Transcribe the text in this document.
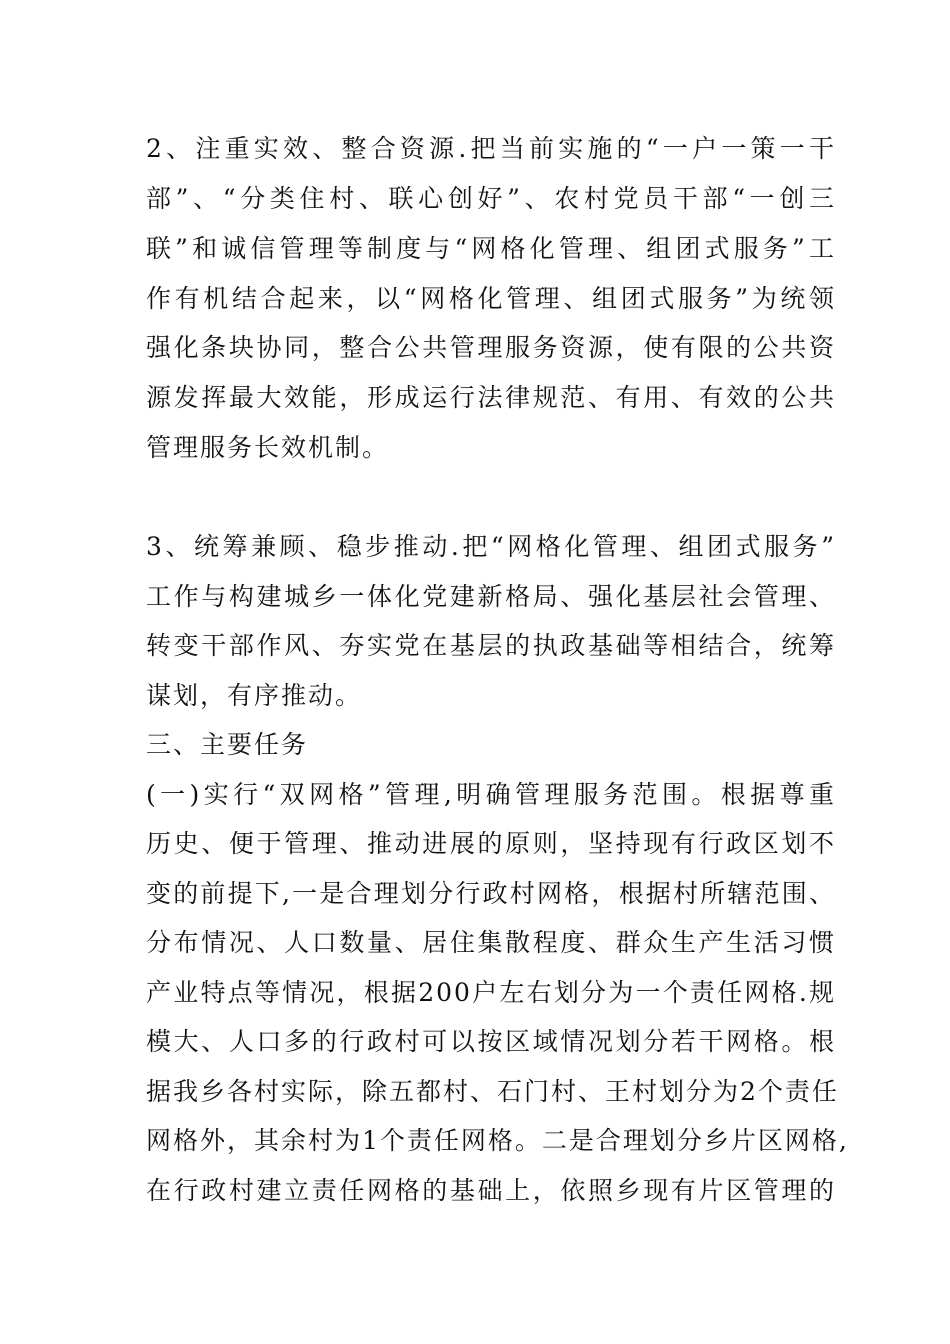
2、注重实效、整合资源.把当前实施的“一户一策一干
部”、“分类住村、联心创好”、农村党员干部“一创三
联”和诚信管理等制度与“网格化管理、组团式服务”工
作有机结合起来，以“网格化管理、组团式服务”为统领
强化条块协同，整合公共管理服务资源，使有限的公共资
源发挥最大效能，形成运行法律规范、有用、有效的公共
管理服务长效机制。
3、统筹兼顾、稳步推动.把“网格化管理、组团式服务”
工作与构建城乡一体化党建新格局、强化基层社会管理、
转变干部作风、夯实党在基层的执政基础等相结合，统筹
谋划，有序推动。
三、主要任务
(一)实行“双网格”管理,明确管理服务范围。根据尊重
历史、便于管理、推动进展的原则，坚持现有行政区划不
变的前提下,一是合理划分行政村网格，根据村所辖范围、
分布情况、人口数量、居住集散程度、群众生产生活习惯
产业特点等情况，根据200户左右划分为一个责任网格.规
模大、人口多的行政村可以按区域情况划分若干网格。根
据我乡各村实际，除五都村、石门村、王村划分为2个责任
网格外，其余村为1个责任网格。二是合理划分乡片区网格,
在行政村建立责任网格的基础上，依照乡现有片区管理的
